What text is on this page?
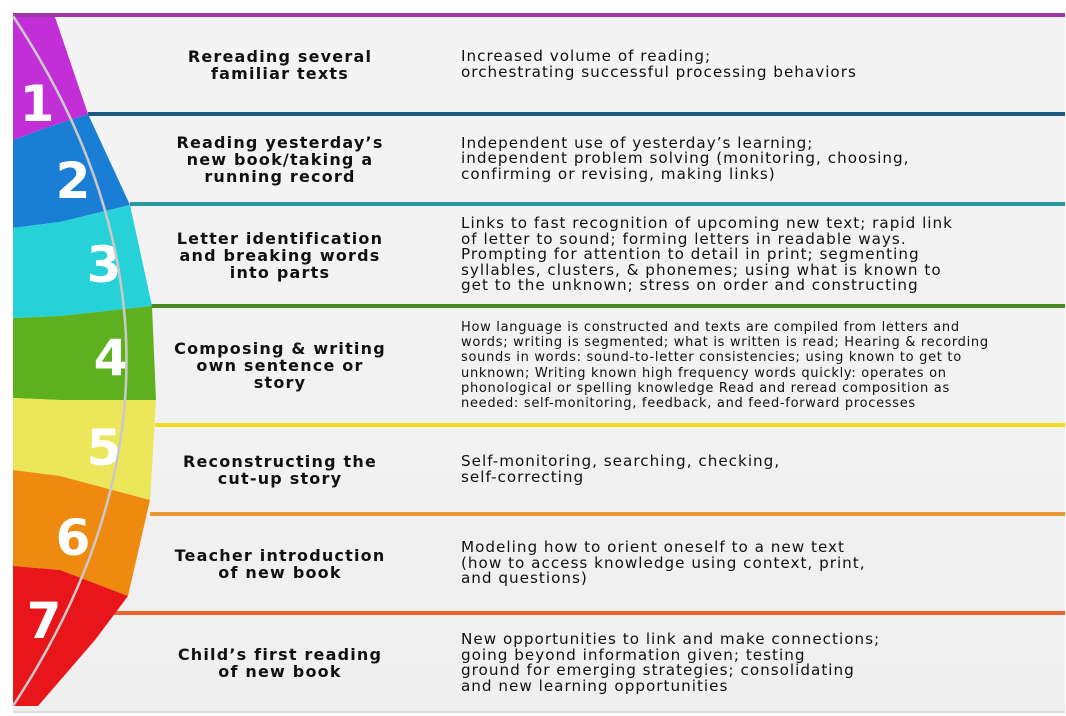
Rereading several
familiar texts
Increased volume of reading;
orchestrating successful processing behaviors
Reading yesterday’s
new book/taking a
running record
Independent use of yesterday’s learning;
independent problem solving (monitoring, choosing,
confirming or revising, making links)
Letter identification
and breaking words
into parts
Links to fast recognition of upcoming new text; rapid link
of letter to sound; forming letters in readable ways.
Prompting for attention to detail in print; segmenting
syllables, clusters, & phonemes; using what is known to
get to the unknown; stress on order and constructing
Composing & writing
own sentence or
story
How language is constructed and texts are compiled from letters and
words; writing is segmented; what is written is read; Hearing & recording
sounds in words: sound-to-letter consistencies; using known to get to
unknown; Writing known high frequency words quickly: operates on
phonological or spelling knowledge Read and reread composition as
needed: self-monitoring, feedback, and feed-forward processes
Reconstructing the
cut-up story
Self-monitoring, searching, checking,
self-correcting
Teacher introduction
of new book
Modeling how to orient oneself to a new text
(how to access knowledge using context, print,
and questions)
Child’s first reading
of new book
New opportunities to link and make connections;
going beyond information given; testing
ground for emerging strategies; consolidating
and new learning opportunities
1
2
3
4
5
6
7
